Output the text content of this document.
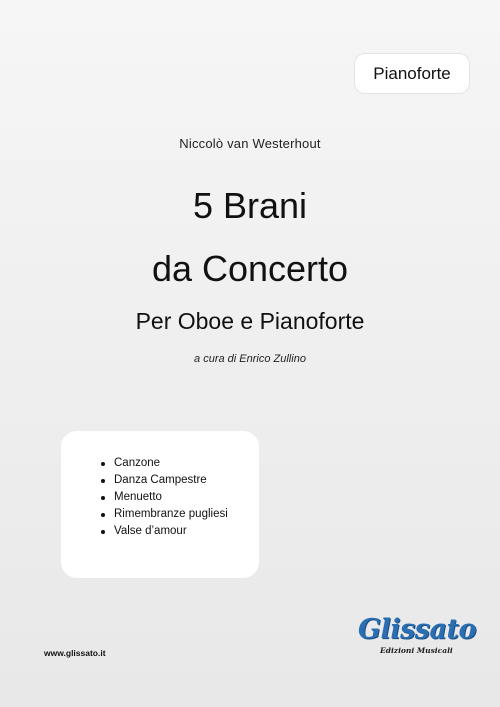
Pianoforte
Niccolò van Westerhout
5 Brani
da Concerto
Per Oboe e Pianoforte
a cura di Enrico Zullino
Canzone
Danza Campestre
Menuetto
Rimembranze pugliesi
Valse d’amour
www.glissato.it
Glissato
Edizioni Musicali
